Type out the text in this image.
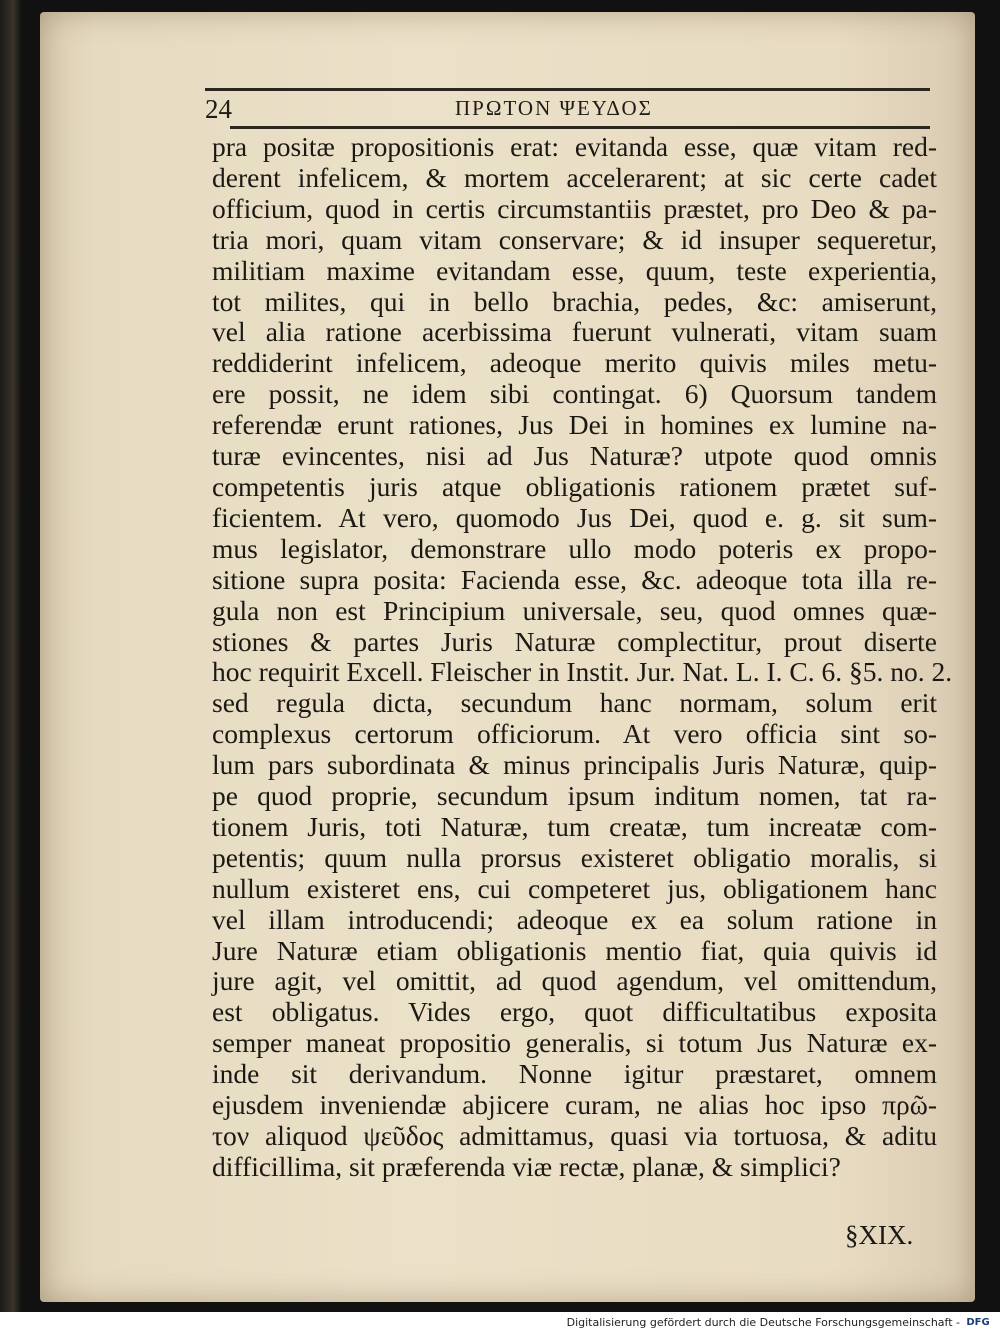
24	ΠΡΩΤΟΝ ΨΕΥΔΟΣ
pra positæ propositionis erat: evitanda esse, quæ vitam red-
derent infelicem, & mortem accelerarent; at sic certe cadet
officium, quod in certis circumstantiis præstet, pro Deo & pa-
tria mori, quam vitam conservare; & id insuper sequeretur,
militiam maxime evitandam esse, quum, teste experientia,
tot milites, qui in bello brachia, pedes, &c: amiserunt,
vel alia ratione acerbissima fuerunt vulnerati, vitam suam
reddiderint infelicem, adeoque merito quivis miles metu-
ere possit, ne idem sibi contingat. 6) Quorsum tandem
referendæ erunt rationes, Jus Dei in homines ex lumine na-
turæ evincentes, nisi ad Jus Naturæ? utpote quod omnis
competentis juris atque obligationis rationem prætet suf-
ficientem. At vero, quomodo Jus Dei, quod e. g. sit sum-
mus legislator, demonstrare ullo modo poteris ex propo-
sitione supra posita: Facienda esse, &c. adeoque tota illa re-
gula non est Principium universale, seu, quod omnes quæ-
stiones & partes Juris Naturæ complectitur, prout diserte
hoc requirit Excell. Fleischer in Instit. Jur. Nat. L. I. C. 6. §5. no. 2.
sed regula dicta, secundum hanc normam, solum erit
complexus certorum officiorum. At vero officia sint so-
lum pars subordinata & minus principalis Juris Naturæ, quip-
pe quod proprie, secundum ipsum inditum nomen, tat ra-
tionem Juris, toti Naturæ, tum creatæ, tum increatæ com-
petentis; quum nulla prorsus existeret obligatio moralis, si
nullum existeret ens, cui competeret jus, obligationem hanc
vel illam introducendi; adeoque ex ea solum ratione in
Jure Naturæ etiam obligationis mentio fiat, quia quivis id
jure agit, vel omittit, ad quod agendum, vel omittendum,
est obligatus. Vides ergo, quot difficultatibus exposita
semper maneat propositio generalis, si totum Jus Naturæ ex-
inde sit derivandum. Nonne igitur præstaret, omnem
ejusdem inveniendæ abjicere curam, ne alias hoc ipso πρῶ-
τον aliquod ψεῦδος admittamus, quasi via tortuosa, & aditu
difficillima, sit præferenda viæ rectæ, planæ, & simplici?
§XIX.
Digitalisierung gefördert durch die Deutsche Forschungsgemeinschaft - DFG
